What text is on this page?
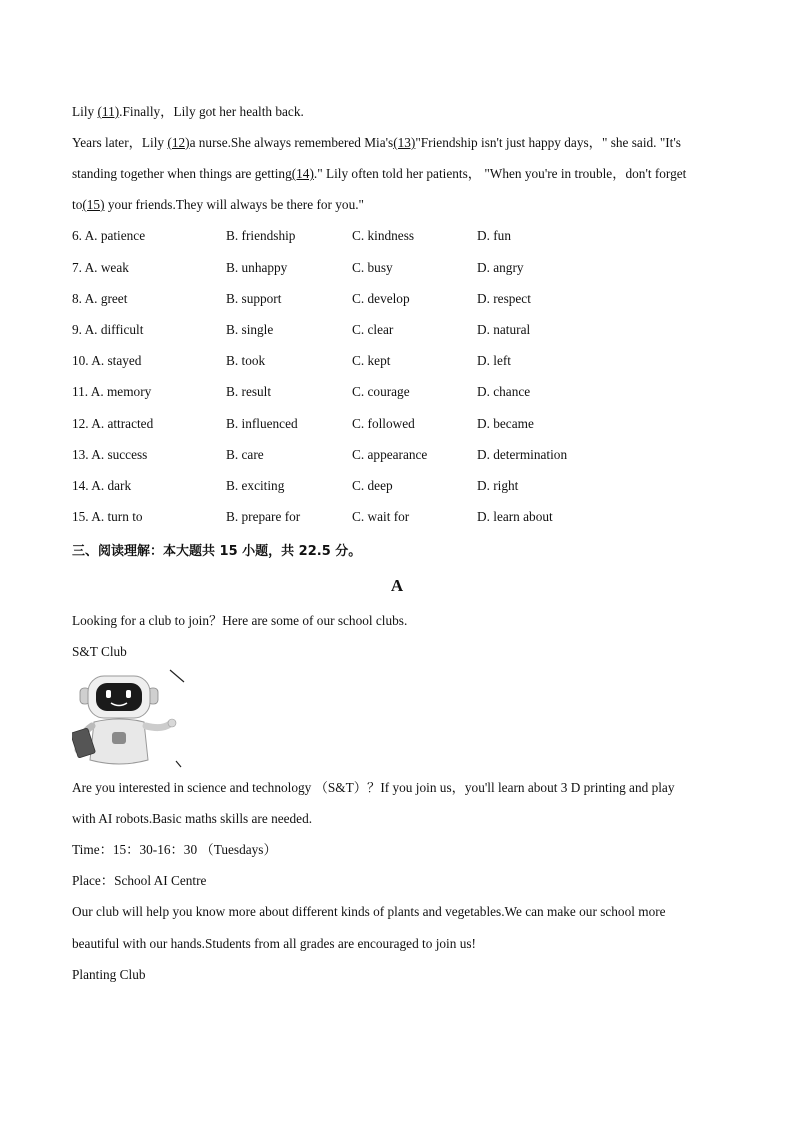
Lily (11).Finally，Lily got her health back.
Years later，Lily (12)a nurse.She always remembered Mia's(13)"Friendship isn't just happy days，" she said. "It's
standing together when things are getting(14)." Lily often told her patients， "When you're in trouble，don't forget
to(15) your friends.They will always be there for you."
6. A. patience	B. friendship	C. kindness	D. fun
7. A. weak	B. unhappy	C. busy	D. angry
8. A. greet	B. support	C. develop	D. respect
9. A. difficult	B. single	C. clear	D. natural
10. A. stayed	B. took	C. kept	D. left
11. A. memory	B. result	C. courage	D. chance
12. A. attracted	B. influenced	C. followed	D. became
13. A. success	B. care	C. appearance	D. determination
14. A. dark	B. exciting	C. deep	D. right
15. A. turn to	B. prepare for	C. wait for	D. learn about
三、阅读理解：本大题共 15 小题，共 22.5 分。
A
Looking for a club to join？Here are some of our school clubs.
S&T Club
Are you interested in science and technology （S&T）？If you join us，you'll learn about 3 D printing and play
with AI robots.Basic maths skills are needed.
Time：15：30-16：30 （Tuesdays）
Place：School AI Centre
Our club will help you know more about different kinds of plants and vegetables.We can make our school more
beautiful with our hands.Students from all grades are encouraged to join us!
Planting Club
